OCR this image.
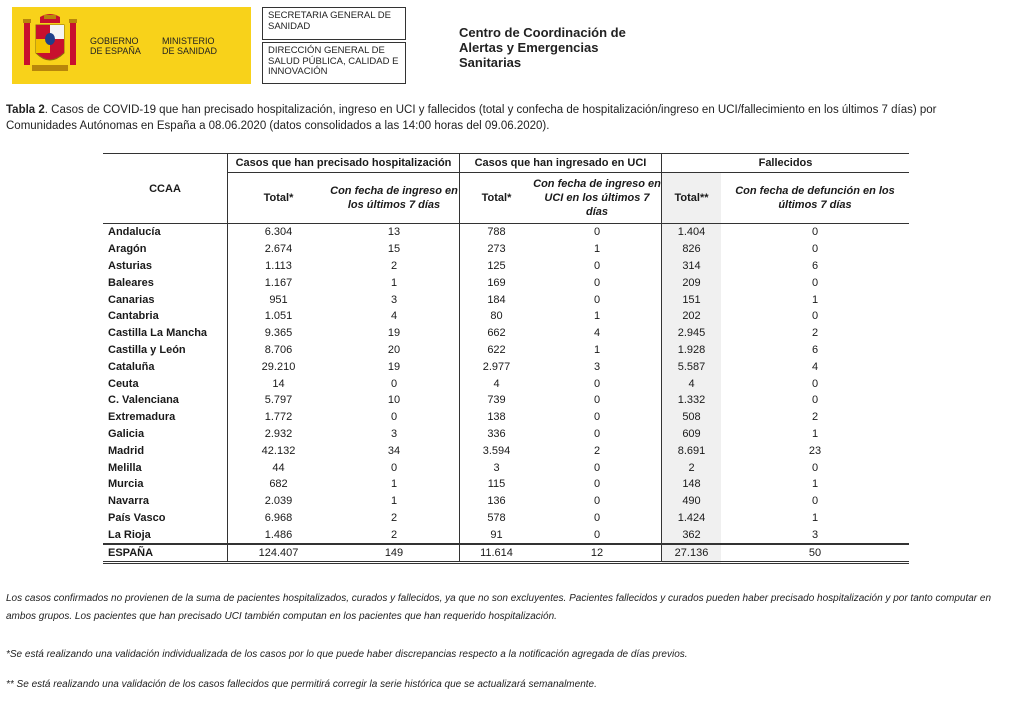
GOBIERNO
DE ESPAÑA
MINISTERIO
DE SANIDAD
SECRETARIA GENERAL DE SANIDAD
DIRECCIÓN GENERAL DE SALUD PÚBLICA, CALIDAD E INNOVACIÓN
Centro de Coordinación de
Alertas y Emergencias
Sanitarias
Tabla 2. Casos de COVID-19 que han precisado hospitalización, ingreso en UCI y fallecidos (total y confecha de hospitalización/ingreso en UCI/fallecimiento en los últimos 7 días) por Comunidades Autónomas en España a 08.06.2020 (datos consolidados a las 14:00 horas del 09.06.2020).
CCAA	Casos que han precisado hospitalización		Casos que han ingresado en UCI		Fallecidos	
	Total*	Con fecha de ingreso en los últimos 7 días	Total*	Con fecha de ingreso en UCI en los últimos 7 días	Total**	Con fecha de defunción en los últimos 7 días
Andalucía	6.304	13	788	0	1.404	0
Aragón	2.674	15	273	1	826	0
Asturias	1.113	2	125	0	314	6
Baleares	1.167	1	169	0	209	0
Canarias	951	3	184	0	151	1
Cantabria	1.051	4	80	1	202	0
Castilla La Mancha	9.365	19	662	4	2.945	2
Castilla y León	8.706	20	622	1	1.928	6
Cataluña	29.210	19	2.977	3	5.587	4
Ceuta	14	0	4	0	4	0
C. Valenciana	5.797	10	739	0	1.332	0
Extremadura	1.772	0	138	0	508	2
Galicia	2.932	3	336	0	609	1
Madrid	42.132	34	3.594	2	8.691	23
Melilla	44	0	3	0	2	0
Murcia	682	1	115	0	148	1
Navarra	2.039	1	136	0	490	0
País Vasco	6.968	2	578	0	1.424	1
La Rioja	1.486	2	91	0	362	3
ESPAÑA	124.407	149	11.614	12	27.136	50
Los casos confirmados no provienen de la suma de pacientes hospitalizados, curados y fallecidos, ya que no son excluyentes. Pacientes fallecidos y curados pueden haber precisado hospitalización y por tanto computar en ambos grupos. Los pacientes que han precisado UCI también computan en los pacientes que han requerido hospitalización.
*Se está realizando una validación individualizada de los casos por lo que puede haber discrepancias respecto a la notificación agregada de días previos.
** Se está realizando una validación de los casos fallecidos que permitirá corregir la serie histórica que se actualizará semanalmente.
